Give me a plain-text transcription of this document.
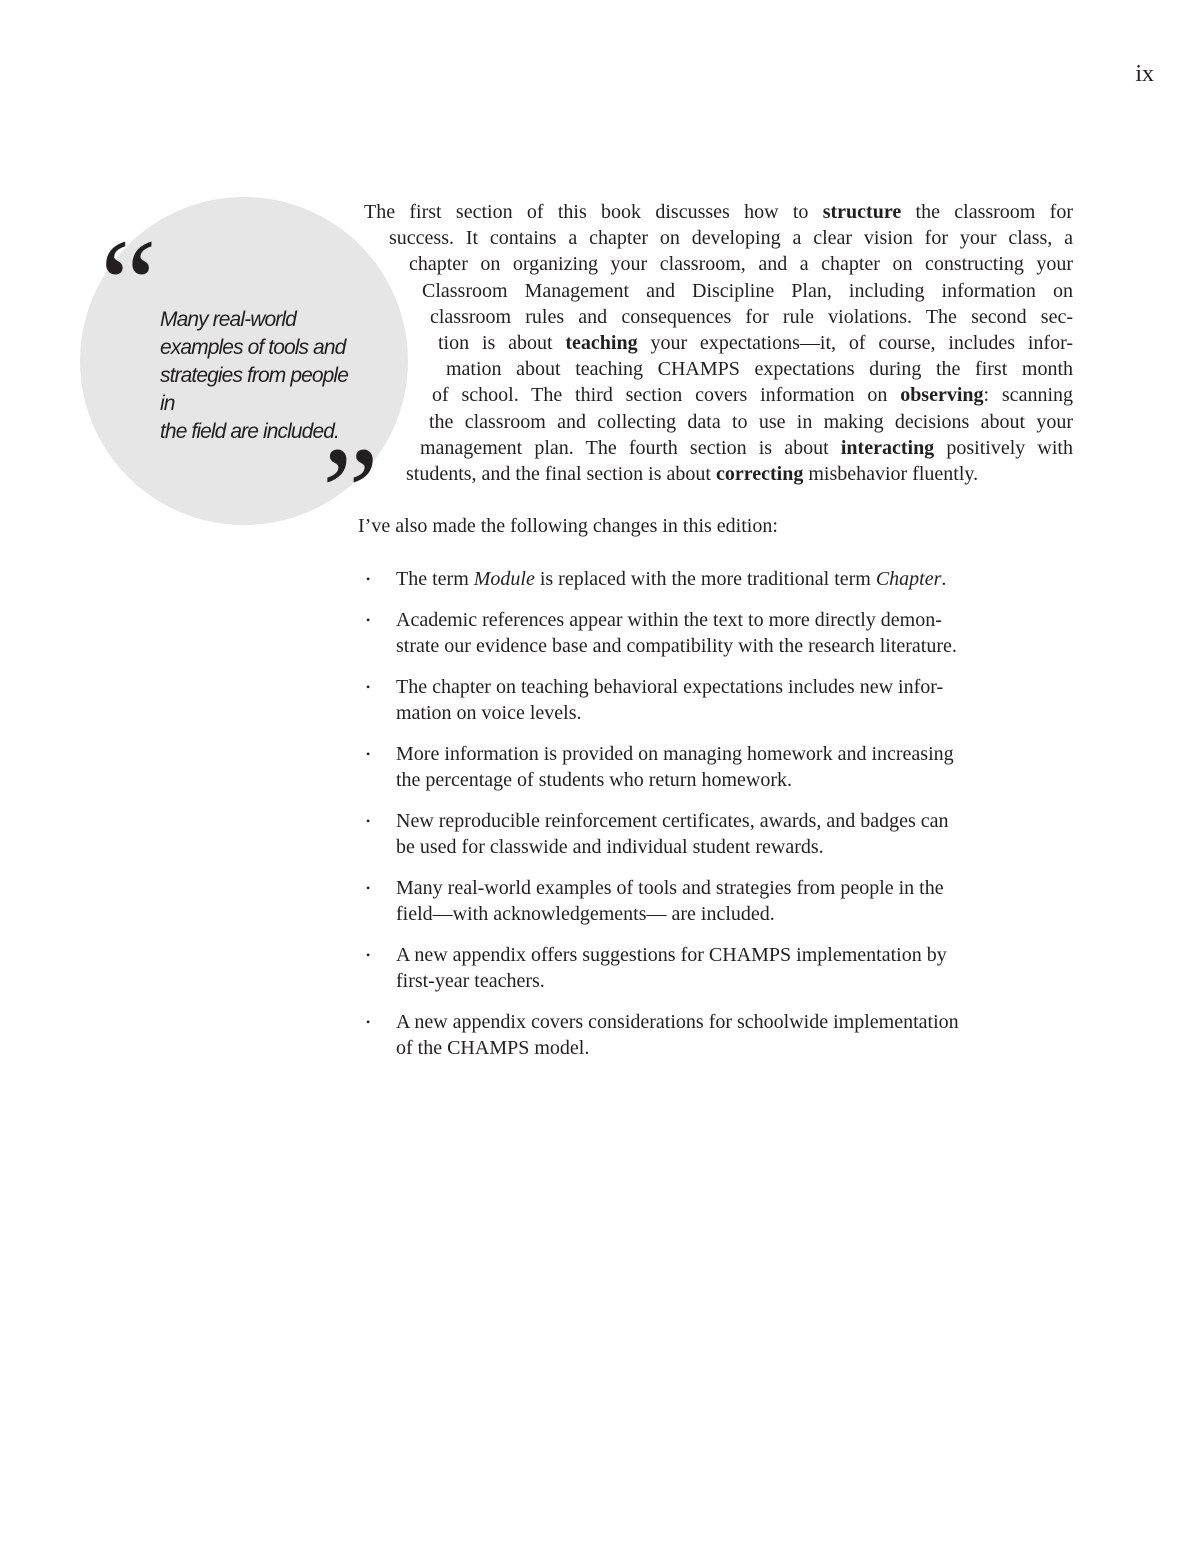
ix
“
”
Many real-world
examples of tools and
strategies from people in
the field are included.
The first section of this book discusses how to structure the classroom for
success. It contains a chapter on developing a clear vision for your class, a
chapter on organizing your classroom, and a chapter on constructing your
Classroom Management and Discipline Plan, including information on
classroom rules and consequences for rule violations. The second sec-
tion is about teaching your expectations—it, of course, includes infor-
mation about teaching CHAMPS expectations during the first month
of school. The third section covers information on observing: scanning
the classroom and collecting data to use in making decisions about your
management plan. The fourth section is about interacting positively with
students, and the final section is about correcting misbehavior fluently.
I’ve also made the following changes in this edition:
• The term Module is replaced with the more traditional term Chapter.
• Academic references appear within the text to more directly demon-
strate our evidence base and compatibility with the research literature.
• The chapter on teaching behavioral expectations includes new infor-
mation on voice levels.
• More information is provided on managing homework and increasing
the percentage of students who return homework.
• New reproducible reinforcement certificates, awards, and badges can
be used for classwide and individual student rewards.
• Many real-world examples of tools and strategies from people in the
field—with acknowledgements— are included.
• A new appendix offers suggestions for CHAMPS implementation by
first-year teachers.
• A new appendix covers considerations for schoolwide implementation
of the CHAMPS model.
